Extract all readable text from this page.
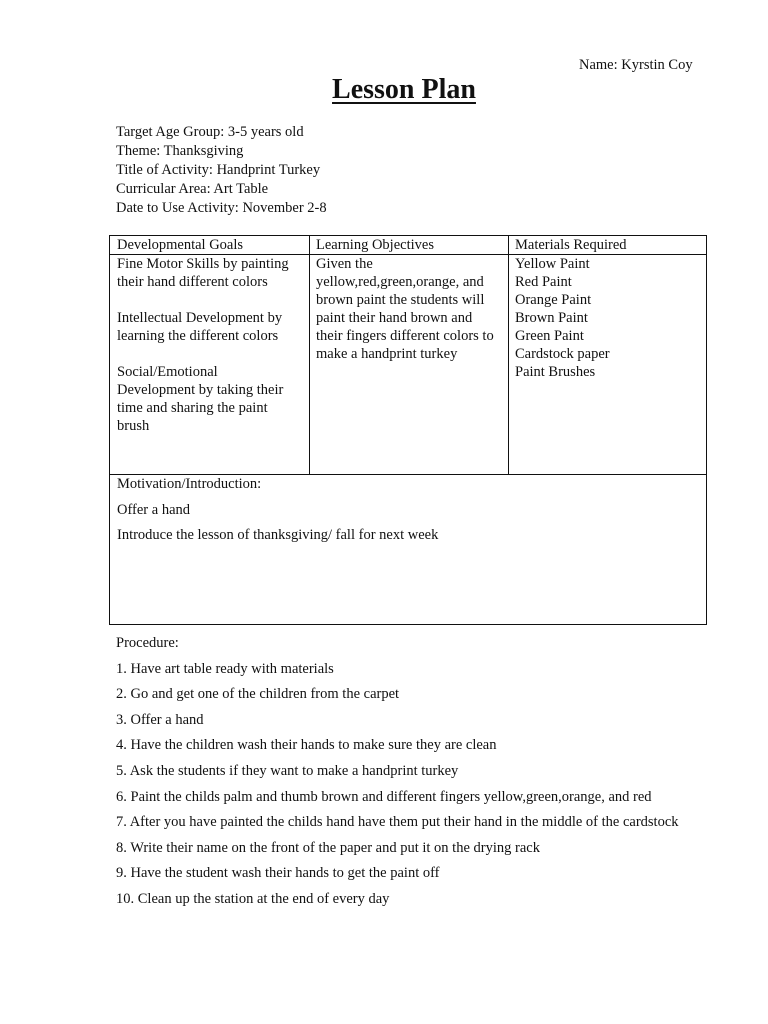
Name: Kyrstin Coy
Lesson Plan
Target Age Group: 3-5 years old
Theme: Thanksgiving
Title of Activity: Handprint Turkey
Curricular Area: Art Table
Date to Use Activity: November 2-8
Developmental Goals	Learning Objectives	Materials Required
Fine Motor Skills by painting
their hand different colors
Intellectual Development by
learning the different colors
Social/Emotional
Development by taking their
time and sharing the paint
brush
Given the
yellow,red,green,orange, and
brown paint the students will
paint their hand brown and
their fingers different colors to
make a handprint turkey
Yellow Paint
Red Paint
Orange Paint
Brown Paint
Green Paint
Cardstock paper
Paint Brushes
Motivation/Introduction:
Offer a hand
Introduce the lesson of thanksgiving/ fall for next week
Procedure:
1. Have art table ready with materials
2. Go and get one of the children from the carpet
3. Offer a hand
4. Have the children wash their hands to make sure they are clean
5. Ask the students if they want to make a handprint turkey
6. Paint the childs palm and thumb brown and different fingers yellow,green,orange, and red
7. After you have painted the childs hand have them put their hand in the middle of the cardstock
8. Write their name on the front of the paper and put it on the drying rack
9. Have the student wash their hands to get the paint off
10. Clean up the station at the end of every day
